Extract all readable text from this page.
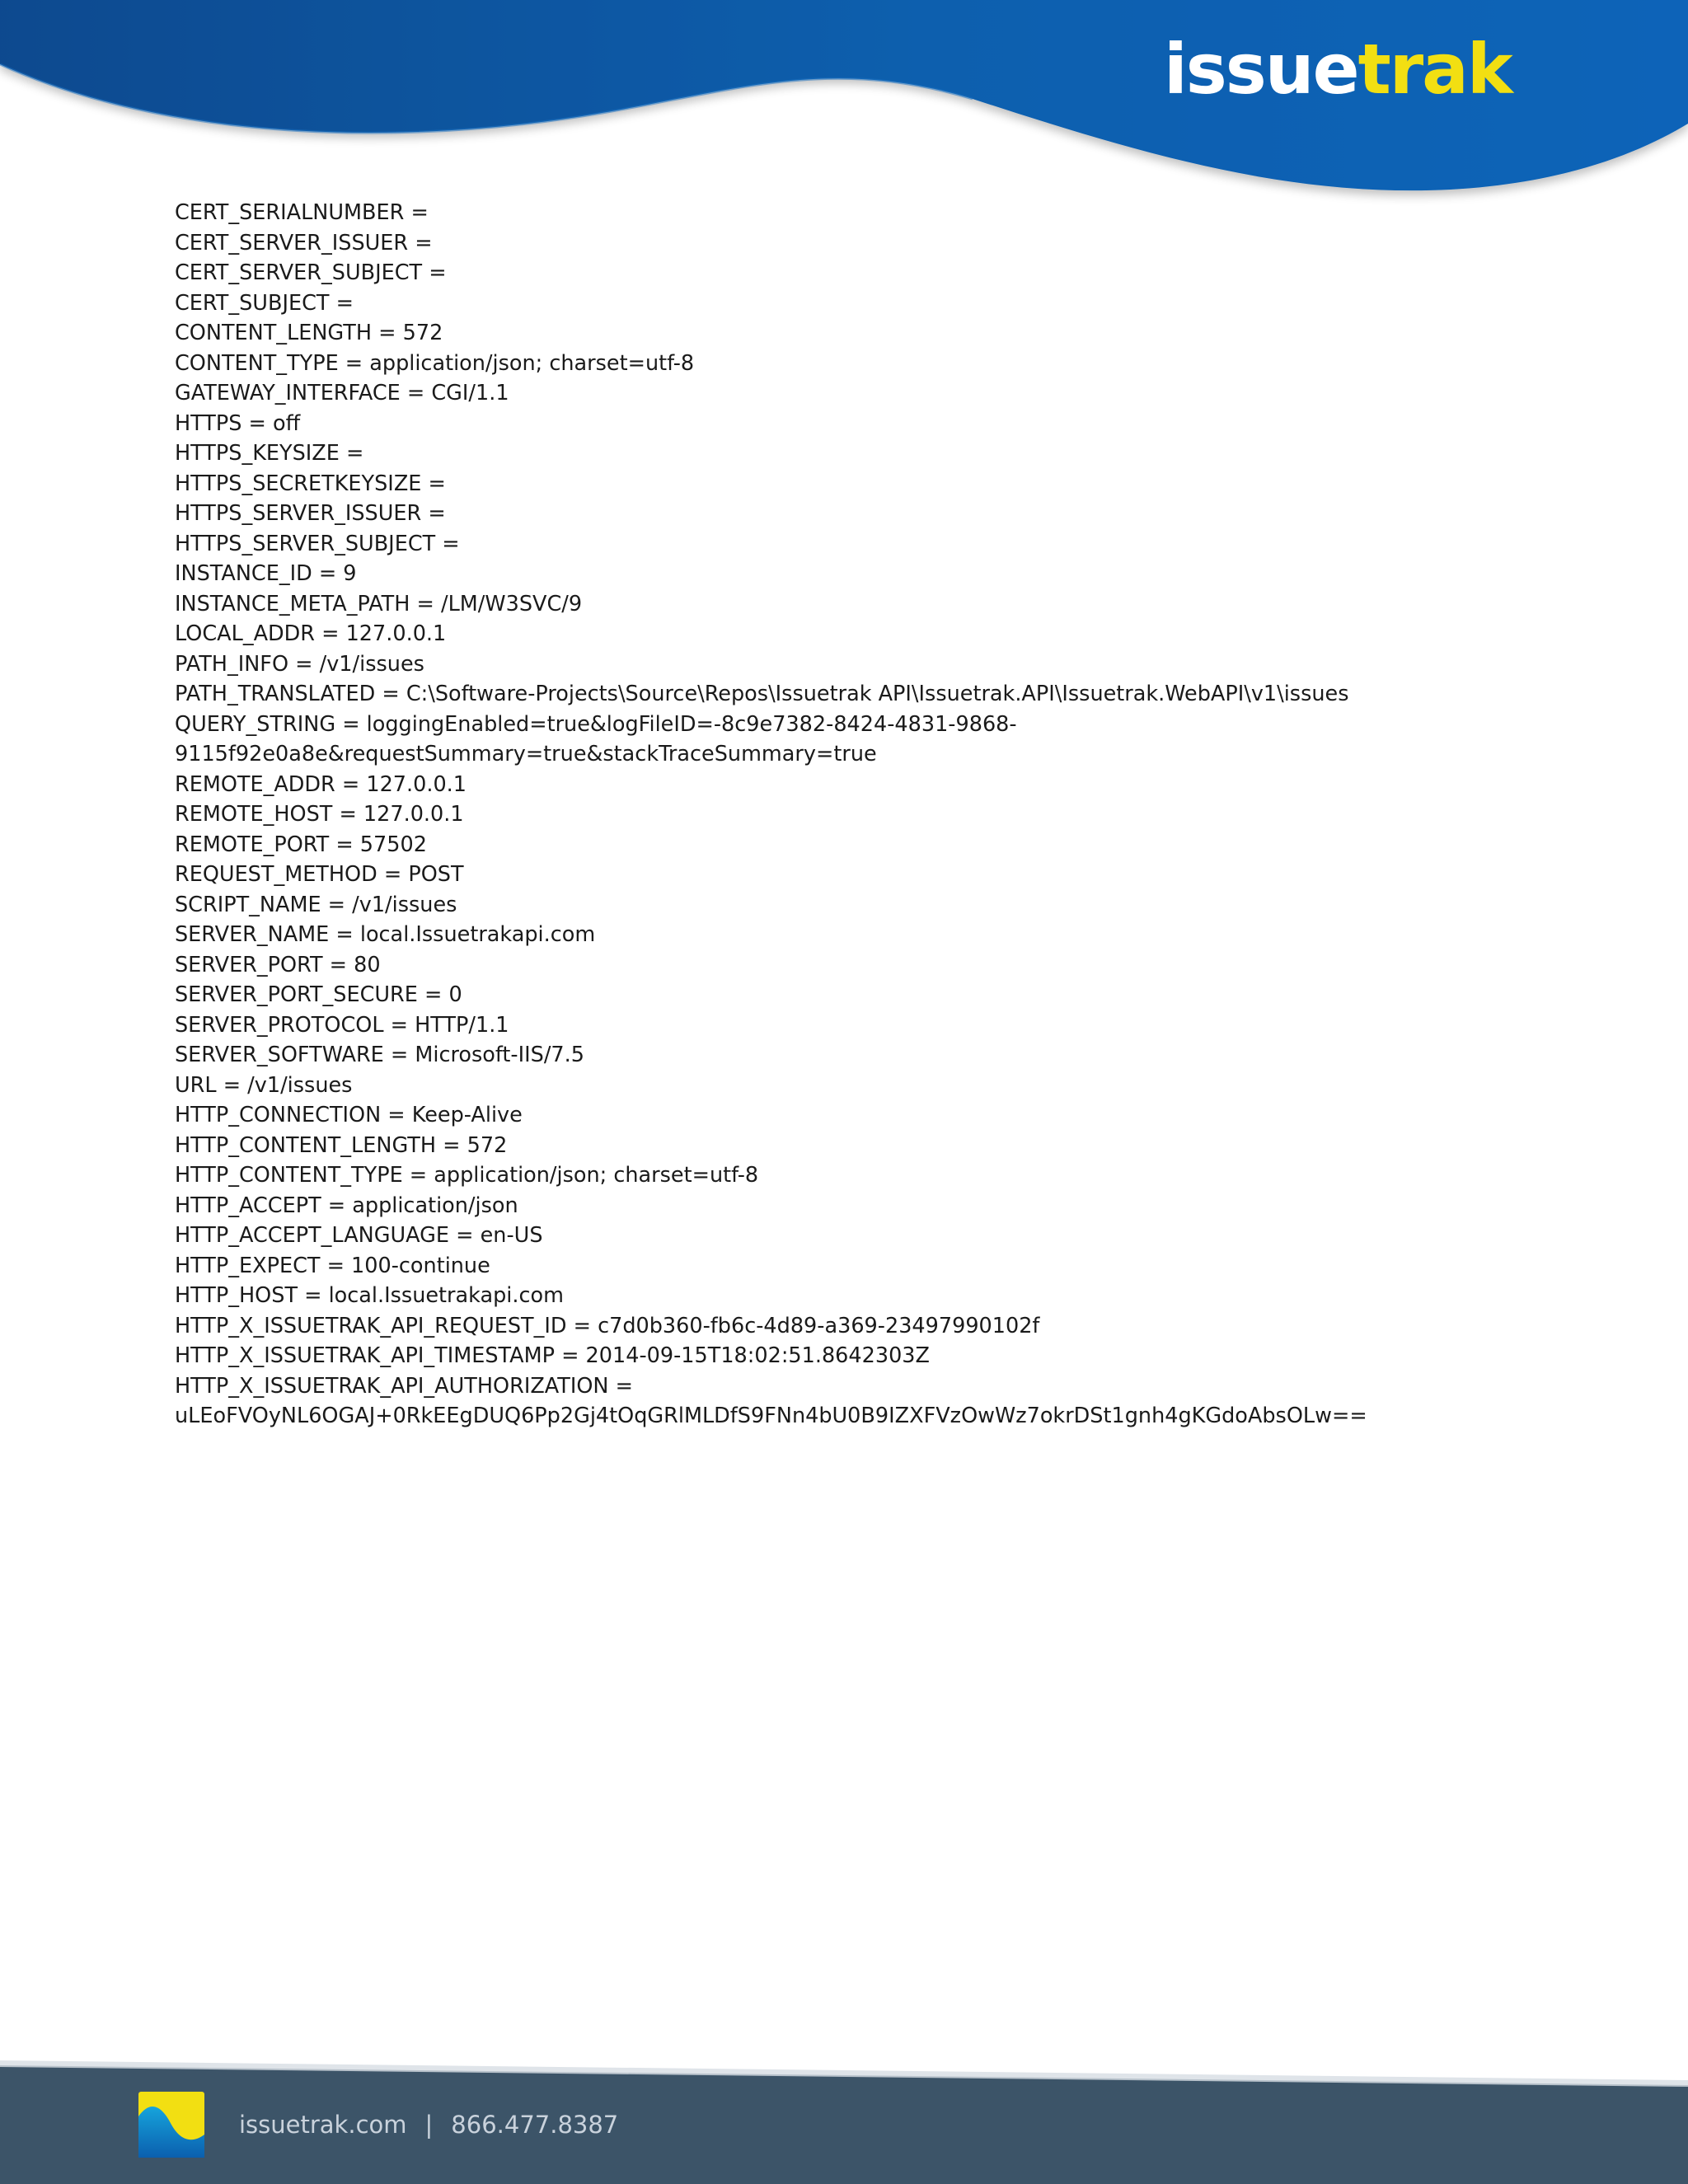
issuetrak
CERT_SERIALNUMBER =
CERT_SERVER_ISSUER =
CERT_SERVER_SUBJECT =
CERT_SUBJECT =
CONTENT_LENGTH = 572
CONTENT_TYPE = application/json; charset=utf-8
GATEWAY_INTERFACE = CGI/1.1
HTTPS = off
HTTPS_KEYSIZE =
HTTPS_SECRETKEYSIZE =
HTTPS_SERVER_ISSUER =
HTTPS_SERVER_SUBJECT =
INSTANCE_ID = 9
INSTANCE_META_PATH = /LM/W3SVC/9
LOCAL_ADDR = 127.0.0.1
PATH_INFO = /v1/issues
PATH_TRANSLATED = C:\Software-Projects\Source\Repos\Issuetrak API\Issuetrak.API\Issuetrak.WebAPI\v1\issues
QUERY_STRING = loggingEnabled=true&logFileID=-8c9e7382-8424-4831-9868-
9115f92e0a8e&requestSummary=true&stackTraceSummary=true
REMOTE_ADDR = 127.0.0.1
REMOTE_HOST = 127.0.0.1
REMOTE_PORT = 57502
REQUEST_METHOD = POST
SCRIPT_NAME = /v1/issues
SERVER_NAME = local.Issuetrakapi.com
SERVER_PORT = 80
SERVER_PORT_SECURE = 0
SERVER_PROTOCOL = HTTP/1.1
SERVER_SOFTWARE = Microsoft-IIS/7.5
URL = /v1/issues
HTTP_CONNECTION = Keep-Alive
HTTP_CONTENT_LENGTH = 572
HTTP_CONTENT_TYPE = application/json; charset=utf-8
HTTP_ACCEPT = application/json
HTTP_ACCEPT_LANGUAGE = en-US
HTTP_EXPECT = 100-continue
HTTP_HOST = local.Issuetrakapi.com
HTTP_X_ISSUETRAK_API_REQUEST_ID = c7d0b360-fb6c-4d89-a369-23497990102f
HTTP_X_ISSUETRAK_API_TIMESTAMP = 2014-09-15T18:02:51.8642303Z
HTTP_X_ISSUETRAK_API_AUTHORIZATION =
uLEoFVOyNL6OGAJ+0RkEEgDUQ6Pp2Gj4tOqGRlMLDfS9FNn4bU0B9IZXFVzOwWz7okrDSt1gnh4gKGdoAbsOLw==
issuetrak.com | 866.477.8387
